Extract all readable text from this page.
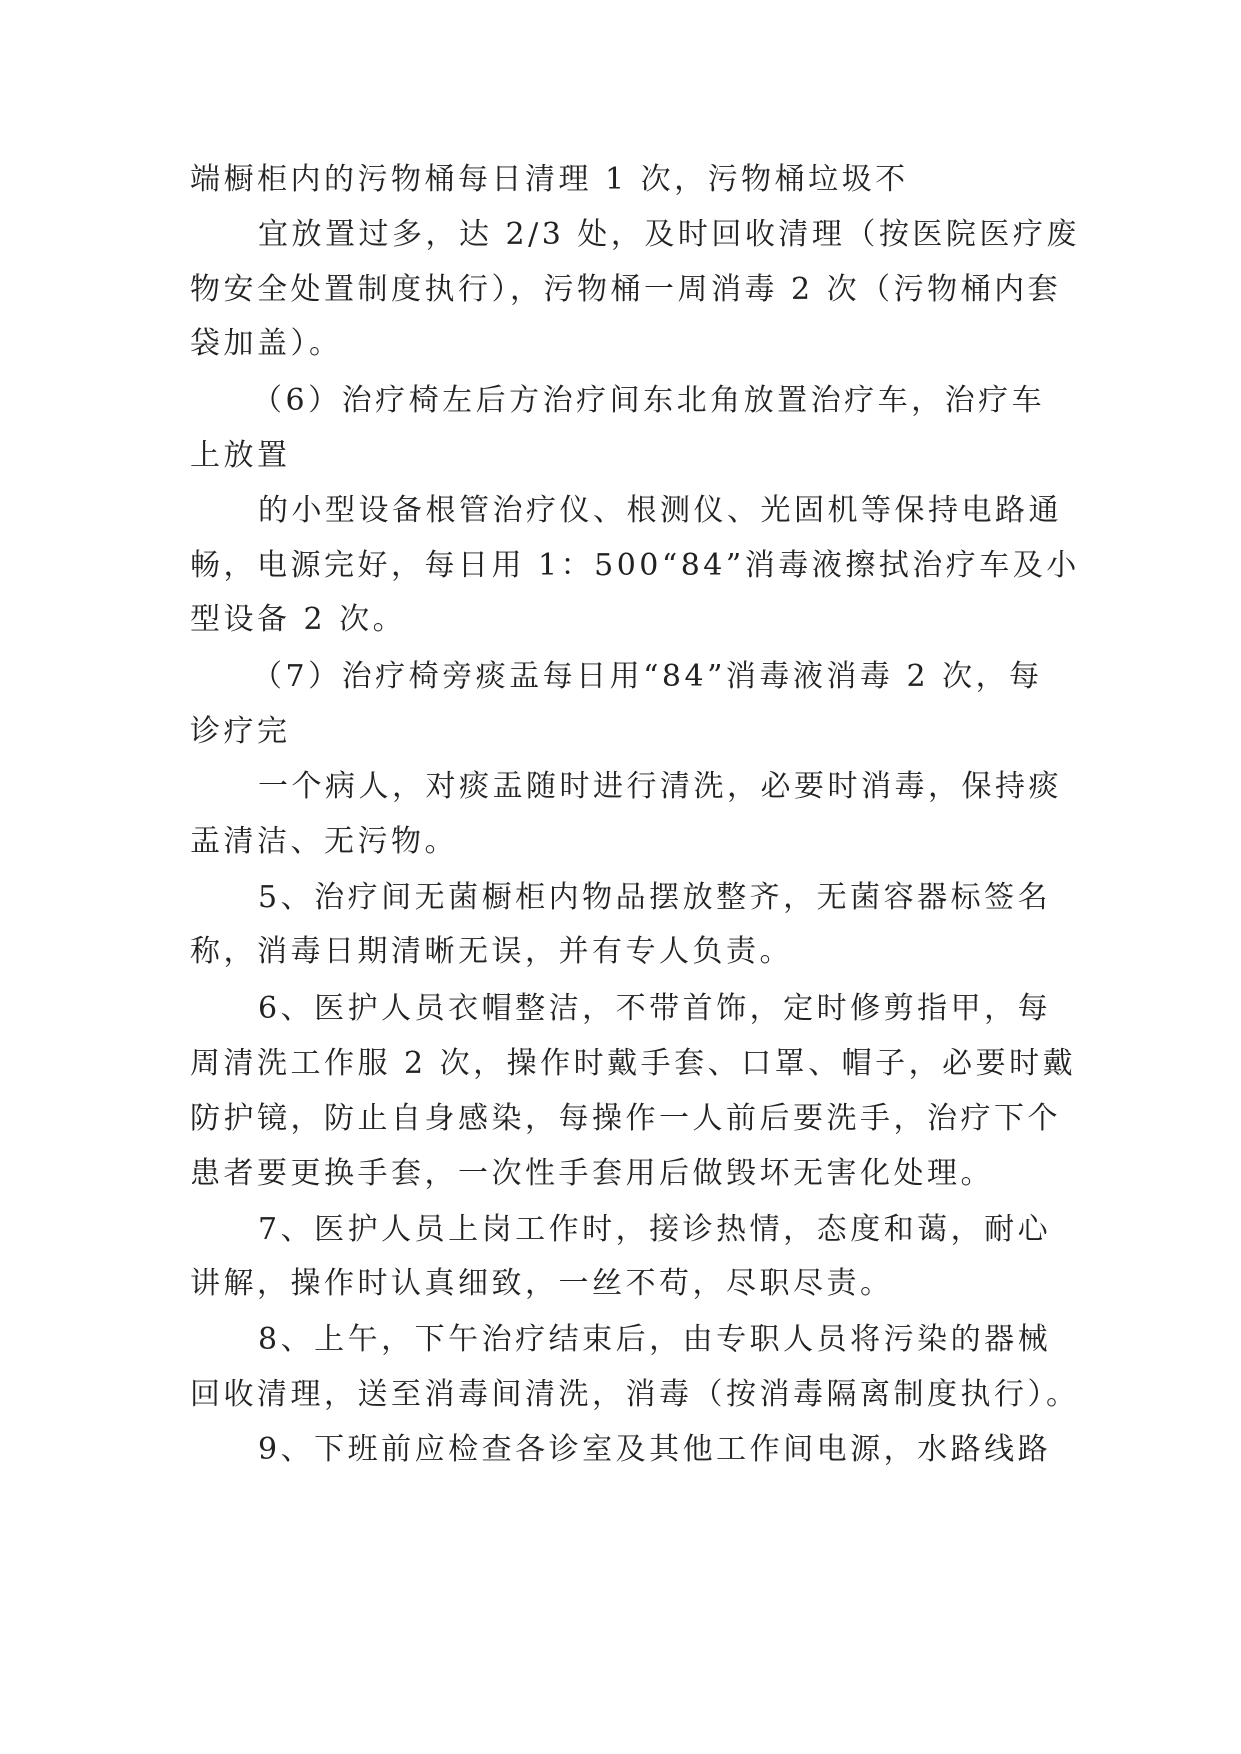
端橱柜内的污物桶每日清理 1 次，污物桶垃圾不
宜放置过多，达 2/3 处，及时回收清理（按医院医疗废
物安全处置制度执行），污物桶一周消毒 2 次（污物桶内套
袋加盖）。
（6）治疗椅左后方治疗间东北角放置治疗车，治疗车
上放置
的小型设备根管治疗仪、根测仪、光固机等保持电路通
畅，电源完好，每日用 1：500“84”消毒液擦拭治疗车及小
型设备 2 次。
（7）治疗椅旁痰盂每日用“84”消毒液消毒 2 次，每
诊疗完
一个病人，对痰盂随时进行清洗，必要时消毒，保持痰
盂清洁、无污物。
5、治疗间无菌橱柜内物品摆放整齐，无菌容器标签名
称，消毒日期清晰无误，并有专人负责。
6、医护人员衣帽整洁，不带首饰，定时修剪指甲，每
周清洗工作服 2 次，操作时戴手套、口罩、帽子，必要时戴
防护镜，防止自身感染，每操作一人前后要洗手，治疗下个
患者要更换手套，一次性手套用后做毁坏无害化处理。
7、医护人员上岗工作时，接诊热情，态度和蔼，耐心
讲解，操作时认真细致，一丝不苟，尽职尽责。
8、上午，下午治疗结束后，由专职人员将污染的器械
回收清理，送至消毒间清洗，消毒（按消毒隔离制度执行）。
9、下班前应检查各诊室及其他工作间电源，水路线路
